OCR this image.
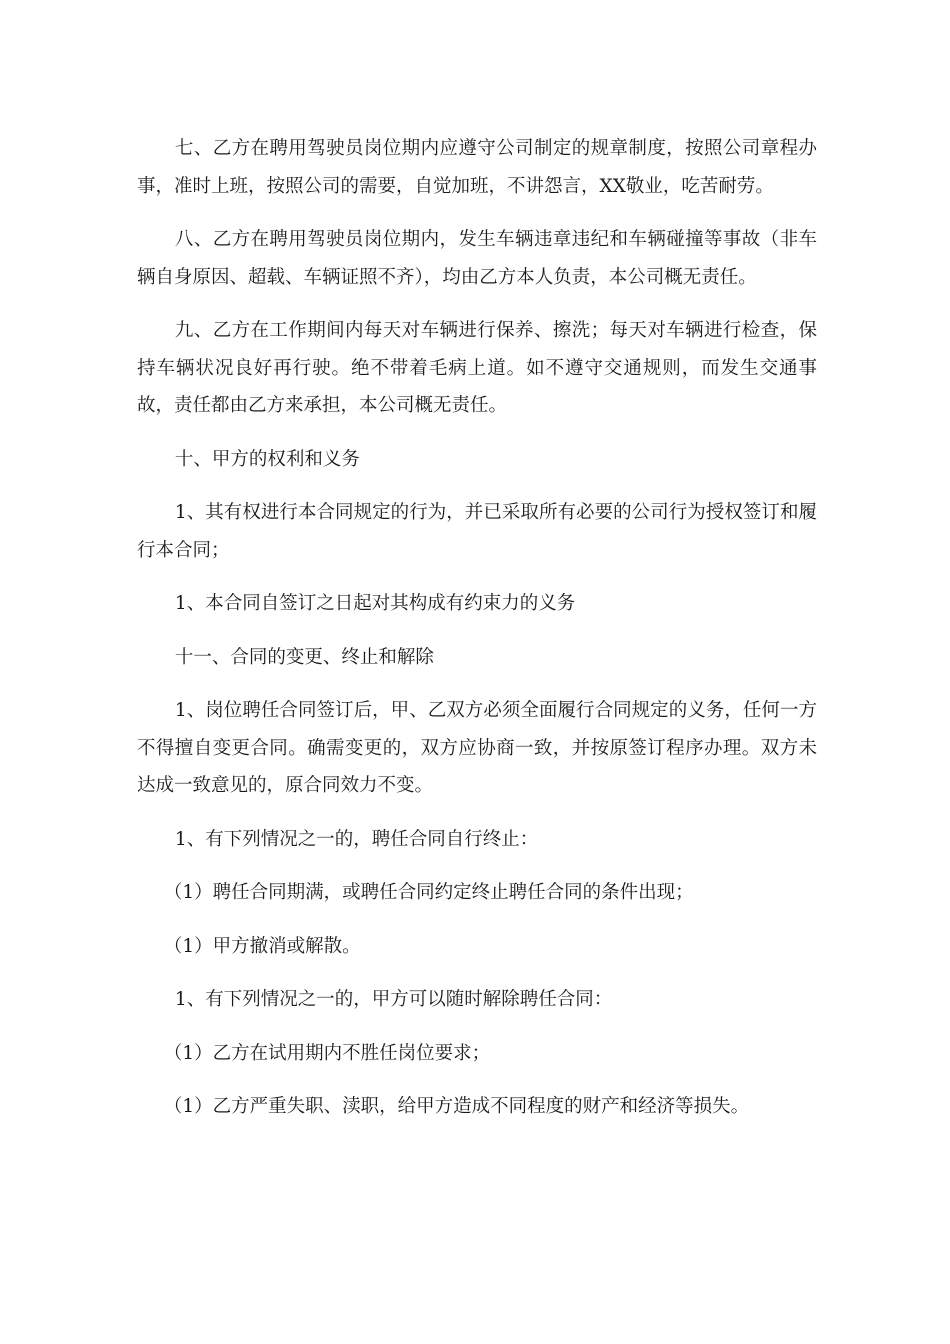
七、乙方在聘用驾驶员岗位期内应遵守公司制定的规章制度，按照公司章程办事，准时上班，按照公司的需要，自觉加班，不讲怨言，XX敬业，吃苦耐劳。

八、乙方在聘用驾驶员岗位期内，发生车辆违章违纪和车辆碰撞等事故（非车辆自身原因、超载、车辆证照不齐），均由乙方本人负责，本公司概无责任。

九、乙方在工作期间内每天对车辆进行保养、擦洗；每天对车辆进行检查，保持车辆状况良好再行驶。绝不带着毛病上道。如不遵守交通规则，而发生交通事故，责任都由乙方来承担，本公司概无责任。

十、甲方的权利和义务

1、其有权进行本合同规定的行为，并已采取所有必要的公司行为授权签订和履行本合同；

1、本合同自签订之日起对其构成有约束力的义务

十一、合同的变更、终止和解除

1、岗位聘任合同签订后，甲、乙双方必须全面履行合同规定的义务，任何一方不得擅自变更合同。确需变更的，双方应协商一致，并按原签订程序办理。双方未达成一致意见的，原合同效力不变。

1、有下列情况之一的，聘任合同自行终止：

（1）聘任合同期满，或聘任合同约定终止聘任合同的条件出现；

（1）甲方撤消或解散。

1、有下列情况之一的，甲方可以随时解除聘任合同：

（1）乙方在试用期内不胜任岗位要求；

（1）乙方严重失职、渎职，给甲方造成不同程度的财产和经济等损失。
